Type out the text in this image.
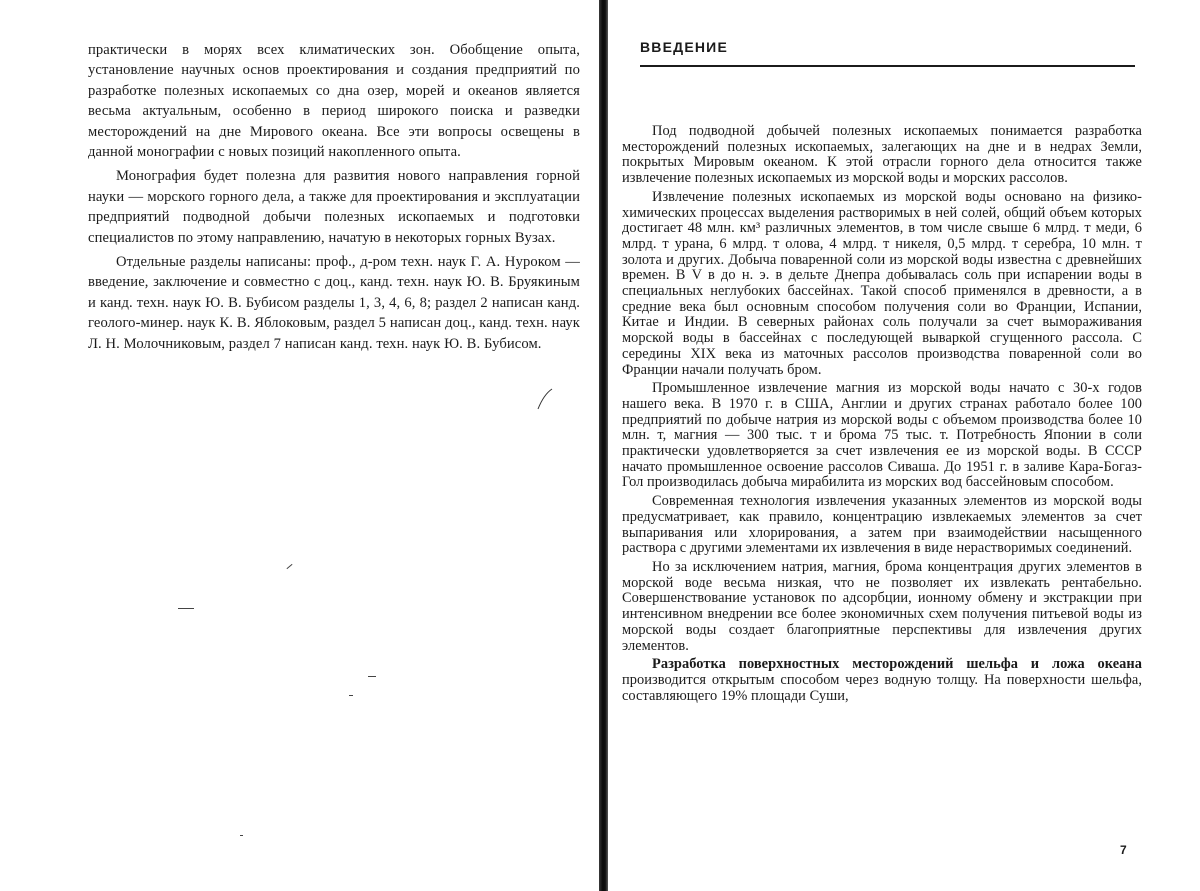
практически в морях всех климатических зон. Обобщение опыта, установление научных основ проектирования и создания предприятий по разработке полезных ископаемых со дна озер, морей и океанов является весьма актуальным, особенно в период широкого поиска и разведки месторождений на дне Мирового океана. Все эти вопросы освещены в данной монографии с новых позиций накопленного опыта.

Монография будет полезна для развития нового направления горной науки — морского горного дела, а также для проектирования и эксплуатации предприятий подводной добычи полезных ископаемых и подготовки специалистов по этому направлению, начатую в некоторых горных Вузах.

Отдельные разделы написаны: проф., д-ром техн. наук Г. А. Нуроком — введение, заключение и совместно с доц., канд. техн. наук Ю. В. Бруякиным и канд. техн. наук Ю. В. Бубисом разделы 1, 3, 4, 6, 8; раздел 2 написан канд. геолого-минер. наук К. В. Яблоковым, раздел 5 написан доц., канд. техн. наук Л. Н. Молочниковым, раздел 7 написан канд. техн. наук Ю. В. Бубисом.

ВВЕДЕНИЕ

Под подводной добычей полезных ископаемых понимается разработка месторождений полезных ископаемых, залегающих на дне и в недрах Земли, покрытых Мировым океаном. К этой отрасли горного дела относится также извлечение полезных ископаемых из морской воды и морских рассолов.

Извлечение полезных ископаемых из морской воды основано на физико-химических процессах выделения растворимых в ней солей, общий объем которых достигает 48 млн. км³ различных элементов, в том числе свыше 6 млрд. т меди, 6 млрд. т урана, 6 млрд. т олова, 4 млрд. т никеля, 0,5 млрд. т серебра, 10 млн. т золота и других. Добыча поваренной соли из морской воды известна с древнейших времен. В V в до н. э. в дельте Днепра добывалась соль при испарении воды в специальных неглубоких бассейнах. Такой способ применялся в древности, а в средние века был основным способом получения соли во Франции, Испании, Китае и Индии. В северных районах соль получали за счет вымораживания морской воды в бассейнах с последующей вываркой сгущенного рассола. С середины XIX века из маточных рассолов производства поваренной соли во Франции начали получать бром.

Промышленное извлечение магния из морской воды начато с 30-х годов нашего века. В 1970 г. в США, Англии и других странах работало более 100 предприятий по добыче натрия из морской воды с объемом производства более 10 млн. т, магния — 300 тыс. т и брома 75 тыс. т. Потребность Японии в соли практически удовлетворяется за счет извлечения ее из морской воды. В СССР начато промышленное освоение рассолов Сиваша. До 1951 г. в заливе Кара-Богаз-Гол производилась добыча мирабилита из морских вод бассейновым способом.

Современная технология извлечения указанных элементов из морской воды предусматривает, как правило, концентрацию извлекаемых элементов за счет выпаривания или хлорирования, а затем при взаимодействии насыщенного раствора с другими элементами их извлечения в виде нерастворимых соединений.

Но за исключением натрия, магния, брома концентрация других элементов в морской воде весьма низкая, что не позволяет их извлекать рентабельно. Совершенствование установок по адсорбции, ионному обмену и экстракции при интенсивном внедрении все более экономичных схем получения питьевой воды из морской воды создает благоприятные перспективы для извлечения других элементов.

Разработка поверхностных месторождений шельфа и ложа океана производится открытым способом через водную толщу. На поверхности шельфа, составляющего 19% площади Суши,

7
